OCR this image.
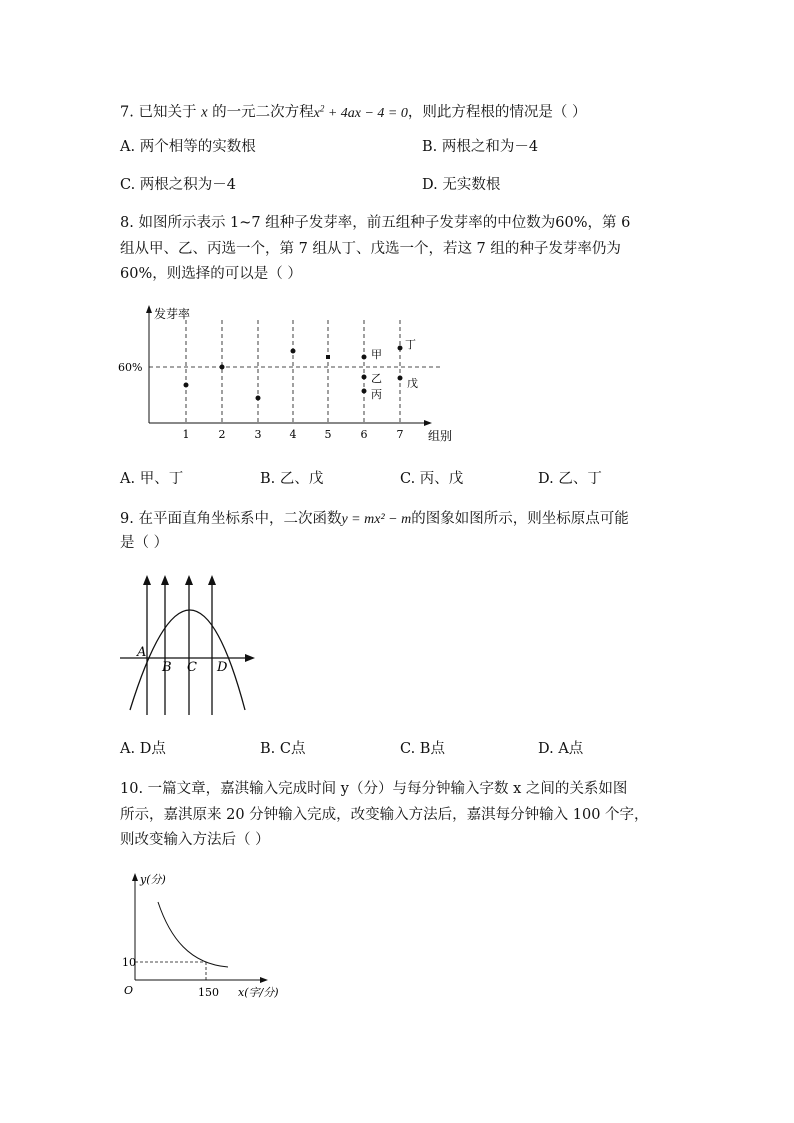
7. 已知关于 x 的一元二次方程$x^2 + 4ax - 4 = 0$，则此方程根的情况是（ ）
A. 两个相等的实数根	B. 两根之和为－4
C. 两根之积为－4	D. 无实数根
8. 如图所示表示 1~7 组种子发芽率，前五组种子发芽率的中位数为60%，第 6
组从甲、乙、丙选一个，第 7 组从丁、戊选一个，若这 7 组的种子发芽率仍为
60%，则选择的可以是（ ）
发芽率
组别
60%
1	2	3	4	5	6	7
甲
乙
丙
丁
戊
A. 甲、丁	B. 乙、戊	C. 丙、戊	D. 乙、丁
9. 在平面直角坐标系中，二次函数y = mx² − m的图象如图所示，则坐标原点可能
是（ ）
A
B C D
A. D点	B. C点	C. B点	D. A点
10. 一篇文章，嘉淇输入完成时间 y（分）与每分钟输入字数 x 之间的关系如图
所示，嘉淇原来 20 分钟输入完成，改变输入方法后，嘉淇每分钟输入 100 个字，
则改变输入方法后（ ）
y(分)
x(字/分)
O
10
150
